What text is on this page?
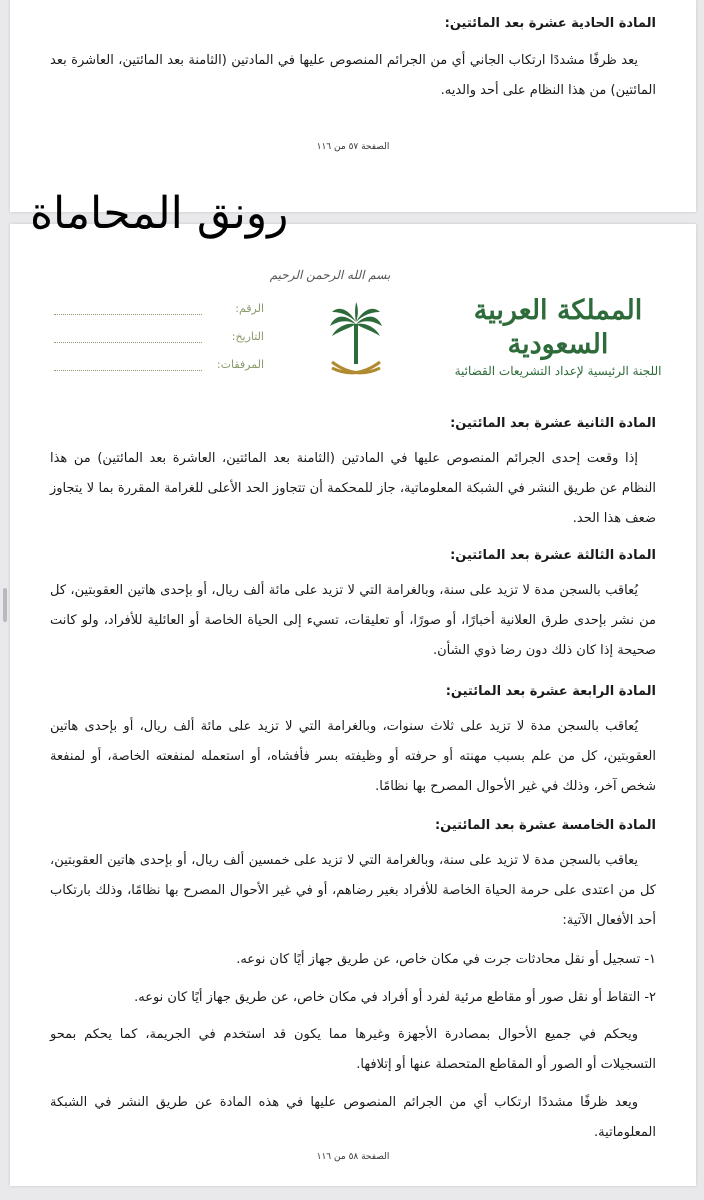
المادة الحادية عشرة بعد المائتين:
يعد ظرفًا مشددًا ارتكاب الجاني أي من الجرائم المنصوص عليها في المادتين (الثامنة بعد المائتين، العاشرة بعد المائتين) من هذا النظام على أحد والديه.
الصفحة ٥٧ من ١١٦
بسم الله الرحمن الرحيم
الرقم:
التاريخ:
المرفقات:
المملكة العربية السعودية
اللجنة الرئيسية لإعداد التشريعات القضائية
المادة الثانية عشرة بعد المائتين:
إذا وقعت إحدى الجرائم المنصوص عليها في المادتين (الثامنة بعد المائتين، العاشرة بعد المائتين) من هذا النظام عن طريق النشر في الشبكة المعلوماتية، جاز للمحكمة أن تتجاوز الحد الأعلى للغرامة المقررة بما لا يتجاوز ضعف هذا الحد.
المادة الثالثة عشرة بعد المائتين:
يُعاقب بالسجن مدة لا تزيد على سنة، وبالغرامة التي لا تزيد على مائة ألف ريال، أو بإحدى هاتين العقوبتين، كل من نشر بإحدى طرق العلانية أخبارًا، أو صورًا، أو تعليقات، تسيء إلى الحياة الخاصة أو العائلية للأفراد، ولو كانت صحيحة إذا كان ذلك دون رضا ذوي الشأن.
المادة الرابعة عشرة بعد المائتين:
يُعاقب بالسجن مدة لا تزيد على ثلاث سنوات، وبالغرامة التي لا تزيد على مائة ألف ريال، أو بإحدى هاتين العقوبتين، كل من علم بسبب مهنته أو حرفته أو وظيفته بسر فأفشاه، أو استعمله لمنفعته الخاصة، أو لمنفعة شخص آخر، وذلك في غير الأحوال المصرح بها نظامًا.
المادة الخامسة عشرة بعد المائتين:
يعاقب بالسجن مدة لا تزيد على سنة، وبالغرامة التي لا تزيد على خمسين ألف ريال، أو بإحدى هاتين العقوبتين، كل من اعتدى على حرمة الحياة الخاصة للأفراد بغير رضاهم، أو في غير الأحوال المصرح بها نظامًا، وذلك بارتكاب أحد الأفعال الآتية:
١- تسجيل أو نقل محادثات جرت في مكان خاص، عن طريق جهاز أيًا كان نوعه.
٢- التقاط أو نقل صور أو مقاطع مرئية لفرد أو أفراد في مكان خاص، عن طريق جهاز أيًا كان نوعه.
ويحكم في جميع الأحوال بمصادرة الأجهزة وغيرها مما يكون قد استخدم في الجريمة، كما يحكم بمحو التسجيلات أو الصور أو المقاطع المتحصلة عنها أو إتلافها.
ويعد ظرفًا مشددًا ارتكاب أي من الجرائم المنصوص عليها في هذه المادة عن طريق النشر في الشبكة المعلوماتية.
الصفحة ٥٨ من ١١٦
رونق المحاماة
